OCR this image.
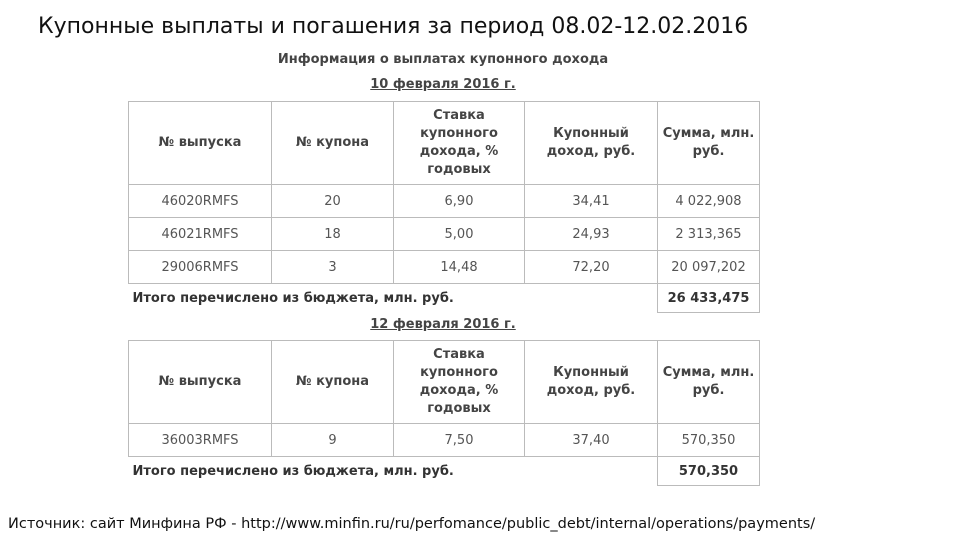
Купонные выплаты и погашения за период 08.02-12.02.2016
Информация о выплатах купонного дохода
10 февраля 2016 г.
№ выпуска	№ купона	Ставка купонного дохода, % годовых	Купонный доход, руб.	Сумма, млн. руб.
46020RMFS	20	6,90	34,41	4 022,908
46021RMFS	18	5,00	24,93	2 313,365
29006RMFS	3	14,48	72,20	20 097,202
Итого перечислено из бюджета, млн. руб.				26 433,475
12 февраля 2016 г.
№ выпуска	№ купона	Ставка купонного дохода, % годовых	Купонный доход, руб.	Сумма, млн. руб.
36003RMFS	9	7,50	37,40	570,350
Итого перечислено из бюджета, млн. руб.				570,350
Источник: сайт Минфина РФ - http://www.minfin.ru/ru/perfomance/public_debt/internal/operations/payments/
